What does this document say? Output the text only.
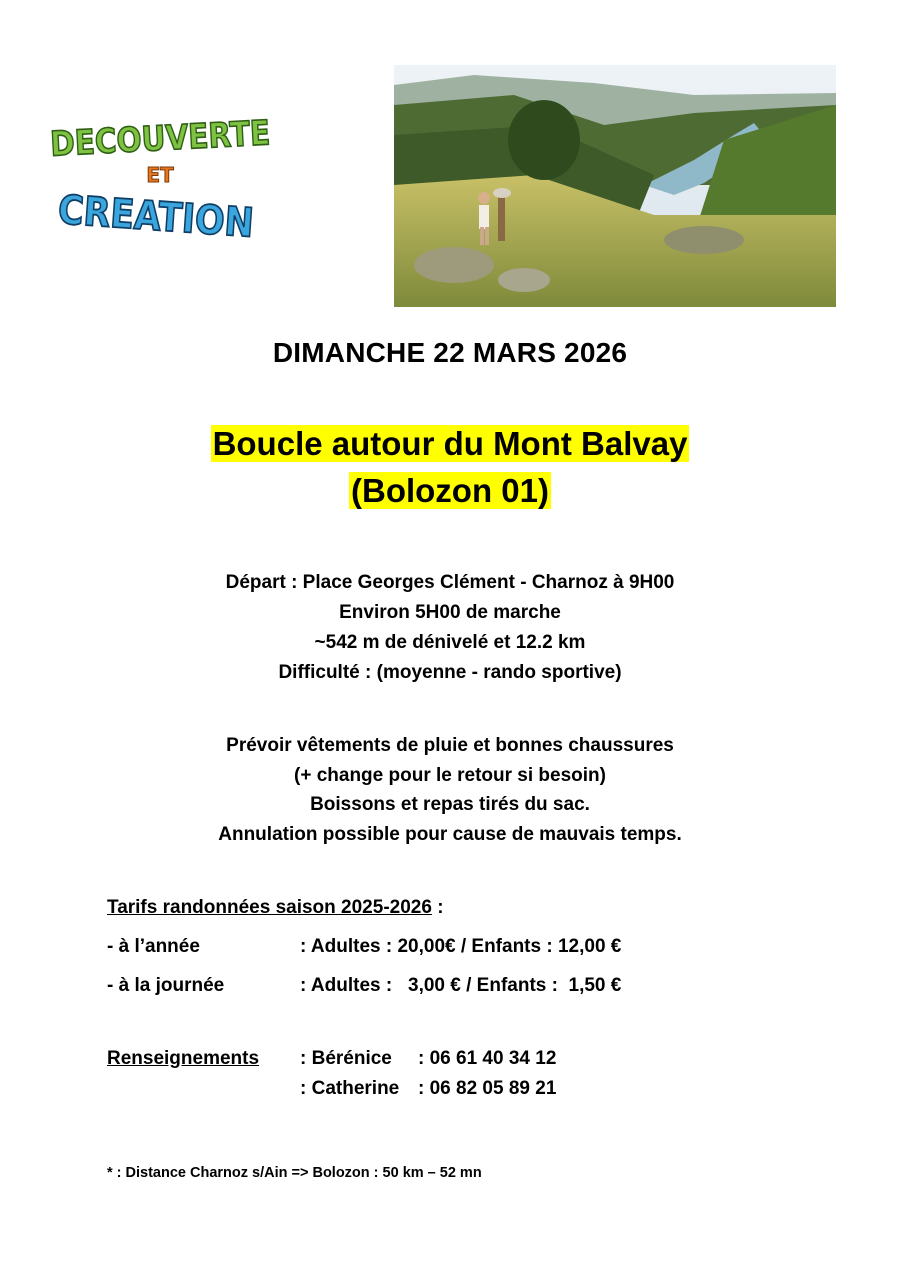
DECOUVERTE
ET
CREATION
DIMANCHE 22 MARS 2026
Boucle autour du Mont Balvay
(Bolozon 01)
Départ : Place Georges Clément - Charnoz à 9H00
Environ 5H00 de marche
~542 m de dénivelé et 12.2 km
Difficulté : (moyenne - rando sportive)
Prévoir vêtements de pluie et bonnes chaussures
(+ change pour le retour si besoin)
Boissons et repas tirés du sac.
Annulation possible pour cause de mauvais temps.
Tarifs randonnées saison 2025-2026 :
- à l’année	: Adultes : 20,00€ / Enfants : 12,00 €
- à la journée	: Adultes :   3,00 € / Enfants :  1,50 €
Renseignements : Bérénice : 06 61 40 34 12
: Catherine : 06 82 05 89 21
* : Distance Charnoz s/Ain => Bolozon : 50 km – 52 mn
